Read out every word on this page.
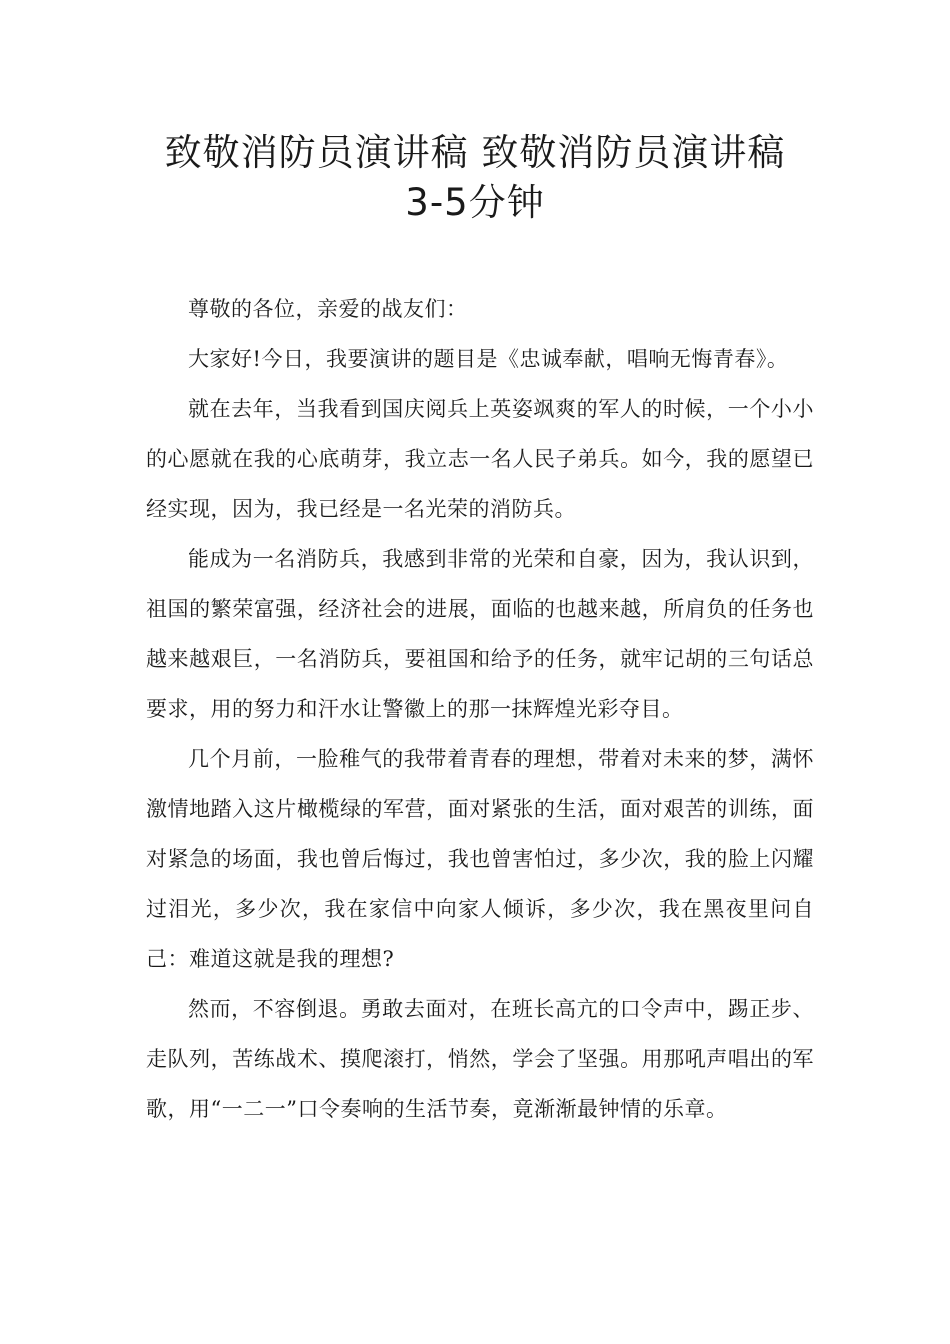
致敬消防员演讲稿 致敬消防员演讲稿
3-5分钟

尊敬的各位，亲爱的战友们：

大家好!今日，我要演讲的题目是《忠诚奉献，唱响无悔青春》。

就在去年，当我看到国庆阅兵上英姿飒爽的军人的时候，一个小小的心愿就在我的心底萌芽，我立志一名人民子弟兵。如今，我的愿望已经实现，因为，我已经是一名光荣的消防兵。

能成为一名消防兵，我感到非常的光荣和自豪，因为，我认识到，祖国的繁荣富强，经济社会的进展，面临的也越来越，所肩负的任务也越来越艰巨，一名消防兵，要祖国和给予的任务，就牢记胡的三句话总要求，用的努力和汗水让警徽上的那一抹辉煌光彩夺目。

几个月前，一脸稚气的我带着青春的理想，带着对未来的梦，满怀激情地踏入这片橄榄绿的军营，面对紧张的生活，面对艰苦的训练，面对紧急的场面，我也曾后悔过，我也曾害怕过，多少次，我的脸上闪耀过泪光，多少次，我在家信中向家人倾诉，多少次，我在黑夜里问自己：难道这就是我的理想?

然而，不容倒退。勇敢去面对，在班长高亢的口令声中，踢正步、走队列，苦练战术、摸爬滚打，悄然，学会了坚强。用那吼声唱出的军歌，用“一二一”口令奏响的生活节奏，竟渐渐最钟情的乐章。
